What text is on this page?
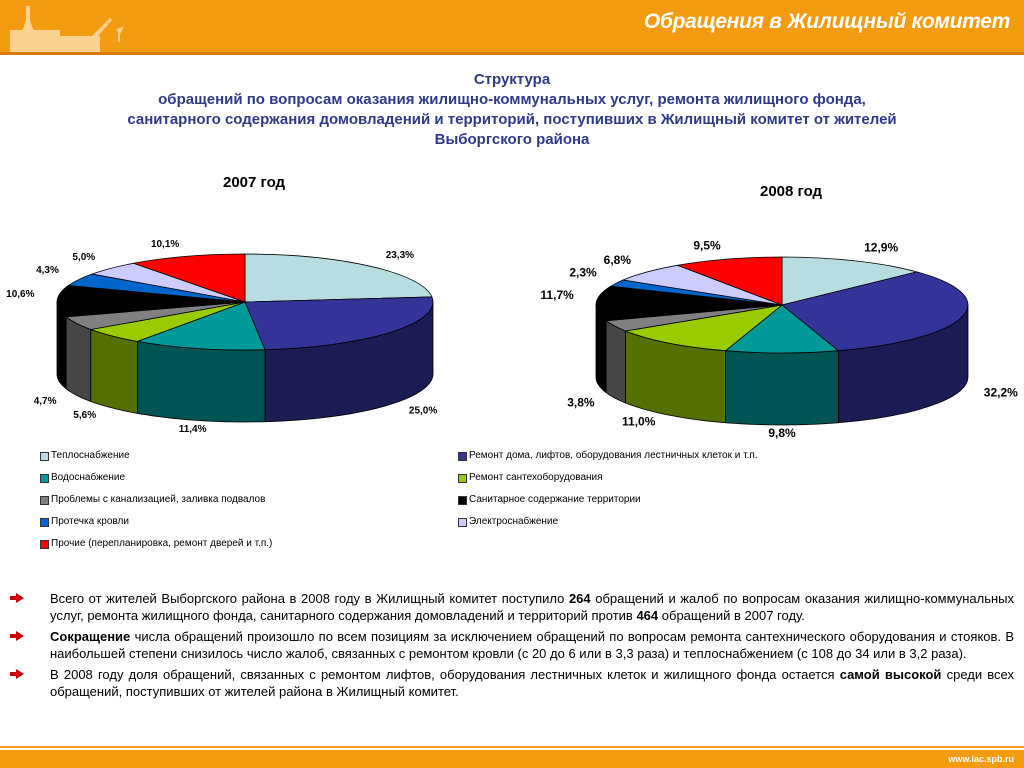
Обращения в Жилищный комитет
Структура
обращений по вопросам оказания жилищно-коммунальных услуг, ремонта жилищного фонда,
санитарного содержания домовладений и территорий, поступивших в Жилищный комитет от жителей
Выборгского района
2007 год
2008 год
23,3%
25,0%
11,4%
5,6%
4,7%
10,6%
4,3%
5,0%
10,1%	12,9%
32,2%
9,8%
11,0%
3,8%
11,7%
2,3%
6,8%
9,5%
Теплоснабжение	Ремонт дома, лифтов, оборудования лестничных клеток и т.п.
Водоснабжение	Ремонт сантехоборудования
Проблемы с канализацией, заливка подвалов	Санитарное содержание территории
Протечка кровли	Электроснабжение
Прочие (перепланировка, ремонт дверей и т.п.)
Всего от жителей Выборгского района в 2008 году в Жилищный комитет поступило 264 обращений и жалоб по вопросам оказания жилищно-коммунальных услуг, ремонта жилищного фонда, санитарного содержания домовладений и территорий против 464 обращений в 2007 году.
Сокращение числа обращений произошло по всем позициям за исключением обращений по вопросам ремонта сантехнического оборудования и стояков. В наибольшей степени снизилось число жалоб, связанных с ремонтом кровли (с 20 до 6 или в 3,3 раза) и теплоснабжением (с 108 до 34 или в 3,2 раза).
В 2008 году доля обращений, связанных с ремонтом лифтов, оборудования лестничных клеток и жилищного фонда остается самой высокой среди всех обращений, поступивших от жителей района в Жилищный комитет.
www.iac.spb.ru
